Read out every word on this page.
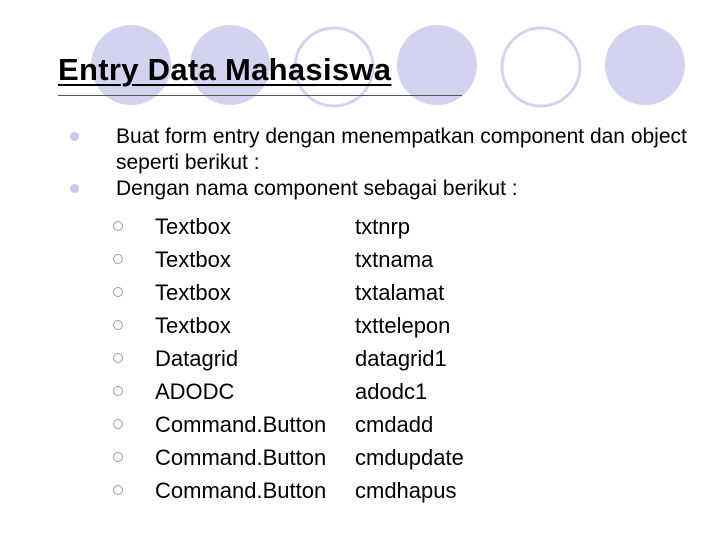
Entry Data Mahasiswa
Buat form entry dengan menempatkan component dan object seperti berikut :
Dengan nama component sebagai berikut :
Textbox	txtnrp
Textbox	txtnama
Textbox	txtalamat
Textbox	txttelepon
Datagrid	datagrid1
ADODC	adodc1
Command.Button cmdadd
Command.Button cmdupdate
Command.Button cmdhapus
